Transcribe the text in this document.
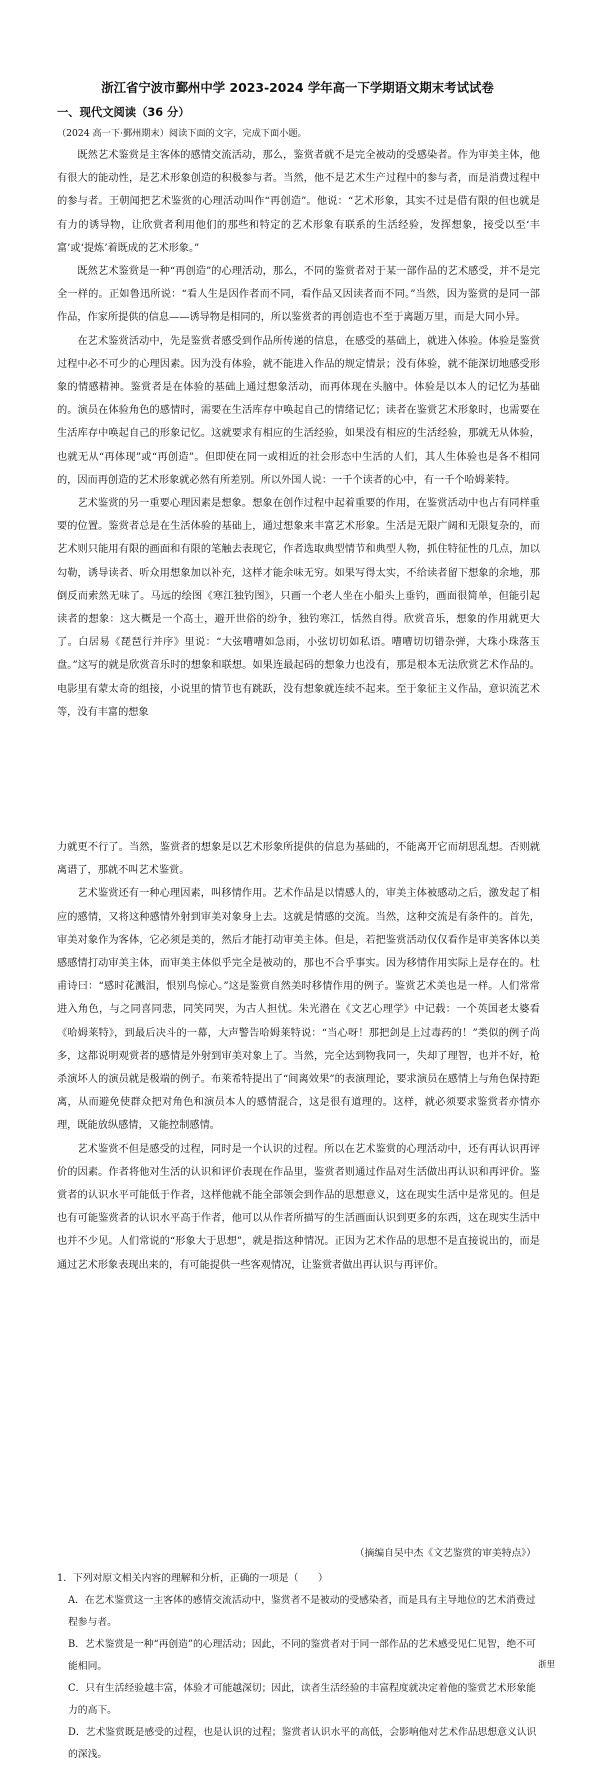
浙江省宁波市鄞州中学 2023-2024 学年高一下学期语文期末考试试卷
一、现代文阅读（36 分）
（2024 高一下·鄞州期末）阅读下面的文字，完成下面小题。

既然艺术鉴赏是主客体的感情交流活动，那么，鉴赏者就不是完全被动的受感染者。作为审美主体，他有很大的能动性，是艺术形象创造的积极参与者。当然，他不是艺术生产过程中的参与者，而是消费过程中的参与者。王朝闻把艺术鉴赏的心理活动叫作“再创造”。他说：“艺术形象，其实不过是借有限的但也就是有力的诱导物，让欣赏者利用他们的那些和特定的艺术形象有联系的生活经验，发挥想象，接受以至‘丰富’或‘提炼’着既成的艺术形象。”

既然艺术鉴赏是一种“再创造”的心理活动，那么，不同的鉴赏者对于某一部作品的艺术感受，并不是完全一样的。正如鲁迅所说：“看人生是因作者而不同，看作品又因读者而不同。”当然，因为鉴赏的是同一部作品，作家所提供的信息——诱导物是相同的，所以鉴赏者的再创造也不至于离题万里，而是大同小异。

在艺术鉴赏活动中，先是鉴赏者感受到作品所传递的信息，在感受的基础上，就进入体验。体验是鉴赏过程中必不可少的心理因素。因为没有体验，就不能进入作品的规定情景；没有体验，就不能深切地感受形象的情感精神。鉴赏者是在体验的基础上通过想象活动，而再体现在头脑中。体验是以本人的记忆为基础的。演员在体验角色的感情时，需要在生活库存中唤起自己的情绪记忆；读者在鉴赏艺术形象时，也需要在生活库存中唤起自己的形象记忆。这就要求有相应的生活经验，如果没有相应的生活经验，那就无从体验，也就无从“再体现”或“再创造”。但即使在同一或相近的社会形态中生活的人们，其人生体验也是各不相同的，因而再创造的艺术形象就必然有所差别。所以外国人说：一千个读者的心中，有一千个哈姆莱特。

艺术鉴赏的另一重要心理因素是想象。想象在创作过程中起着重要的作用，在鉴赏活动中也占有同样重要的位置。鉴赏者总是在生活体验的基础上，通过想象来丰富艺术形象。生活是无限广阔和无限复杂的，而艺术则只能用有限的画面和有限的笔触去表现它，作者选取典型情节和典型人物，抓住特征性的几点，加以勾勒，诱导读者、听众用想象加以补充，这样才能余味无穷。如果写得太实，不给读者留下想象的余地，那倒反而索然无味了。马远的绘图《寒江独钓图》，只画一个老人坐在小船头上垂钓，画面很简单，但能引起读者的想象：这大概是一个高士，避开世俗的纷争，独钓寒江，恬然自得。欣赏音乐，想象的作用就更大了。白居易《琵琶行并序》里说：“大弦嘈嘈如急雨，小弦切切如私语。嘈嘈切切错杂弹，大珠小珠落玉盘。”这写的就是欣赏音乐时的想象和联想。如果连最起码的想象力也没有，那是根本无法欣赏艺术作品的。电影里有蒙太奇的组接，小说里的情节也有跳跃，没有想象就连续不起来。至于象征主义作品，意识流艺术等，没有丰富的想象

力就更不行了。当然，鉴赏者的想象是以艺术形象所提供的信息为基础的，不能离开它而胡思乱想。否则就离谱了，那就不叫艺术鉴赏。

艺术鉴赏还有一种心理因素，叫移情作用。艺术作品是以情感人的，审美主体被感动之后，激发起了相应的感情，又将这种感情外射到审美对象身上去。这就是情感的交流。当然，这种交流是有条件的。首先，审美对象作为客体，它必须是美的，然后才能打动审美主体。但是，若把鉴赏活动仅仅看作是审美客体以美感感情打动审美主体，而审美主体似乎完全是被动的，那也不合乎事实。因为移情作用实际上是存在的。杜甫诗曰：“感时花溅泪，恨别鸟惊心。”这是鉴赏自然美时移情作用的例子。鉴赏艺术美也是一样。人们常常进入角色，与之同喜同悲，同笑同哭，为古人担忧。朱光潜在《文艺心理学》中记载：一个英国老太婆看《哈姆莱特》，到最后决斗的一幕，大声警告哈姆莱特说：“当心呀！那把剑是上过毒药的！”类似的例子尚多，这都说明观赏者的感情是外射到审美对象上了。当然，完全达到物我同一，失却了理智，也并不好，枪杀演坏人的演员就是极端的例子。布莱希特提出了“间离效果”的表演理论，要求演员在感情上与角色保持距离，从而避免使群众把对角色和演员本人的感情混合，这是很有道理的。这样，就必须要求鉴赏者亦情亦理，既能放纵感情，又能控制感情。

艺术鉴赏不但是感受的过程，同时是一个认识的过程。所以在艺术鉴赏的心理活动中，还有再认识再评价的因素。作者将他对生活的认识和评价表现在作品里，鉴赏者则通过作品对生活做出再认识和再评价。鉴赏者的认识水平可能低于作者，这样他就不能全部领会到作品的思想意义，这在现实生活中是常见的。但是也有可能鉴赏者的认识水平高于作者，他可以从作者所描写的生活画面认识到更多的东西，这在现实生活中也并不少见。人们常说的“形象大于思想”，就是指这种情况。正因为艺术作品的思想不是直接说出的，而是通过艺术形象表现出来的，有可能提供一些客观情况，让鉴赏者做出再认识与再评价。

（摘编自吴中杰《文艺鉴赏的审美特点》）

1．下列对原文相关内容的理解和分析，正确的一项是（　　）

A．在艺术鉴赏这一主客体的感情交流活动中，鉴赏者不是被动的受感染者，而是具有主导地位的艺术消费过程参与者。

B．艺术鉴赏是一种“再创造”的心理活动；因此，不同的鉴赏者对于同一部作品的艺术感受见仁见智，绝不可能相同。

C．只有生活经验越丰富，体验才可能越深切；因此，读者生活经验的丰富程度就决定着他的鉴赏艺术形象能力的高下。

D．艺术鉴赏既是感受的过程，也是认识的过程；鉴赏者认识水平的高低，会影响他对艺术作品思想意义认识的深浅。

浙里
